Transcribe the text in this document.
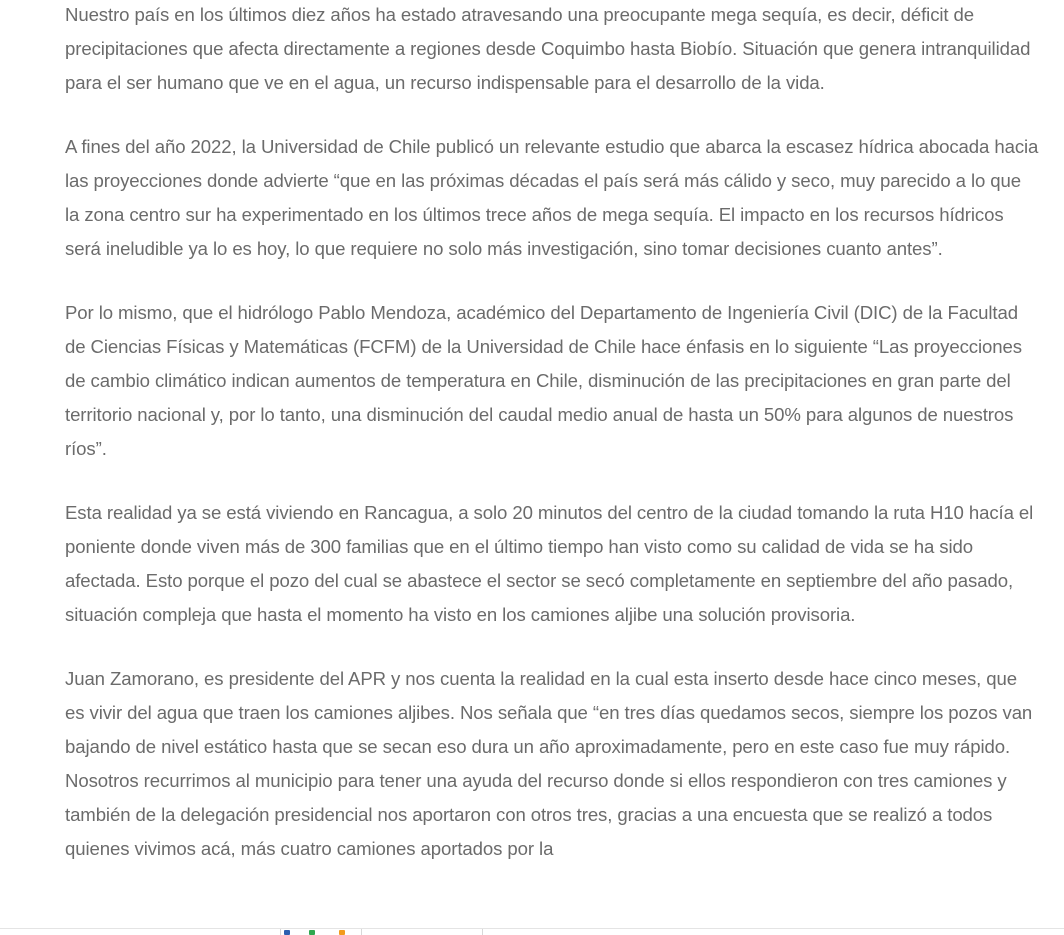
Nuestro país en los últimos diez años ha estado atravesando una preocupante mega sequía, es decir, déficit de precipitaciones que afecta directamente a regiones desde Coquimbo hasta Biobío. Situación que genera intranquilidad para el ser humano que ve en el agua, un recurso indispensable para el desarrollo de la vida.

A fines del año 2022, la Universidad de Chile publicó un relevante estudio que abarca la escasez hídrica abocada hacia las proyecciones donde advierte “que en las próximas décadas el país será más cálido y seco, muy parecido a lo que la zona centro sur ha experimentado en los últimos trece años de mega sequía. El impacto en los recursos hídricos será ineludible ya lo es hoy, lo que requiere no solo más investigación, sino tomar decisiones cuanto antes”.

Por lo mismo, que el hidrólogo Pablo Mendoza, académico del Departamento de Ingeniería Civil (DIC) de la Facultad de Ciencias Físicas y Matemáticas (FCFM) de la Universidad de Chile hace énfasis en lo siguiente “Las proyecciones de cambio climático indican aumentos de temperatura en Chile, disminución de las precipitaciones en gran parte del territorio nacional y, por lo tanto, una disminución del caudal medio anual de hasta un 50% para algunos de nuestros ríos”.

Esta realidad ya se está viviendo en Rancagua, a solo 20 minutos del centro de la ciudad tomando la ruta H10 hacía el poniente donde viven más de 300 familias que en el último tiempo han visto como su calidad de vida se ha sido afectada. Esto porque el pozo del cual se abastece el sector se secó completamente en septiembre del año pasado, situación compleja que hasta el momento ha visto en los camiones aljibe una solución provisoria.

Juan Zamorano, es presidente del APR y nos cuenta la realidad en la cual esta inserto desde hace cinco meses, que es vivir del agua que traen los camiones aljibes. Nos señala que “en tres días quedamos secos, siempre los pozos van bajando de nivel estático hasta que se secan eso dura un año aproximadamente, pero en este caso fue muy rápido. Nosotros recurrimos al municipio para tener una ayuda del recurso donde si ellos respondieron con tres camiones y también de la delegación presidencial nos aportaron con otros tres, gracias a una encuesta que se realizó a todos quienes vivimos acá, más cuatro camiones aportados por la
